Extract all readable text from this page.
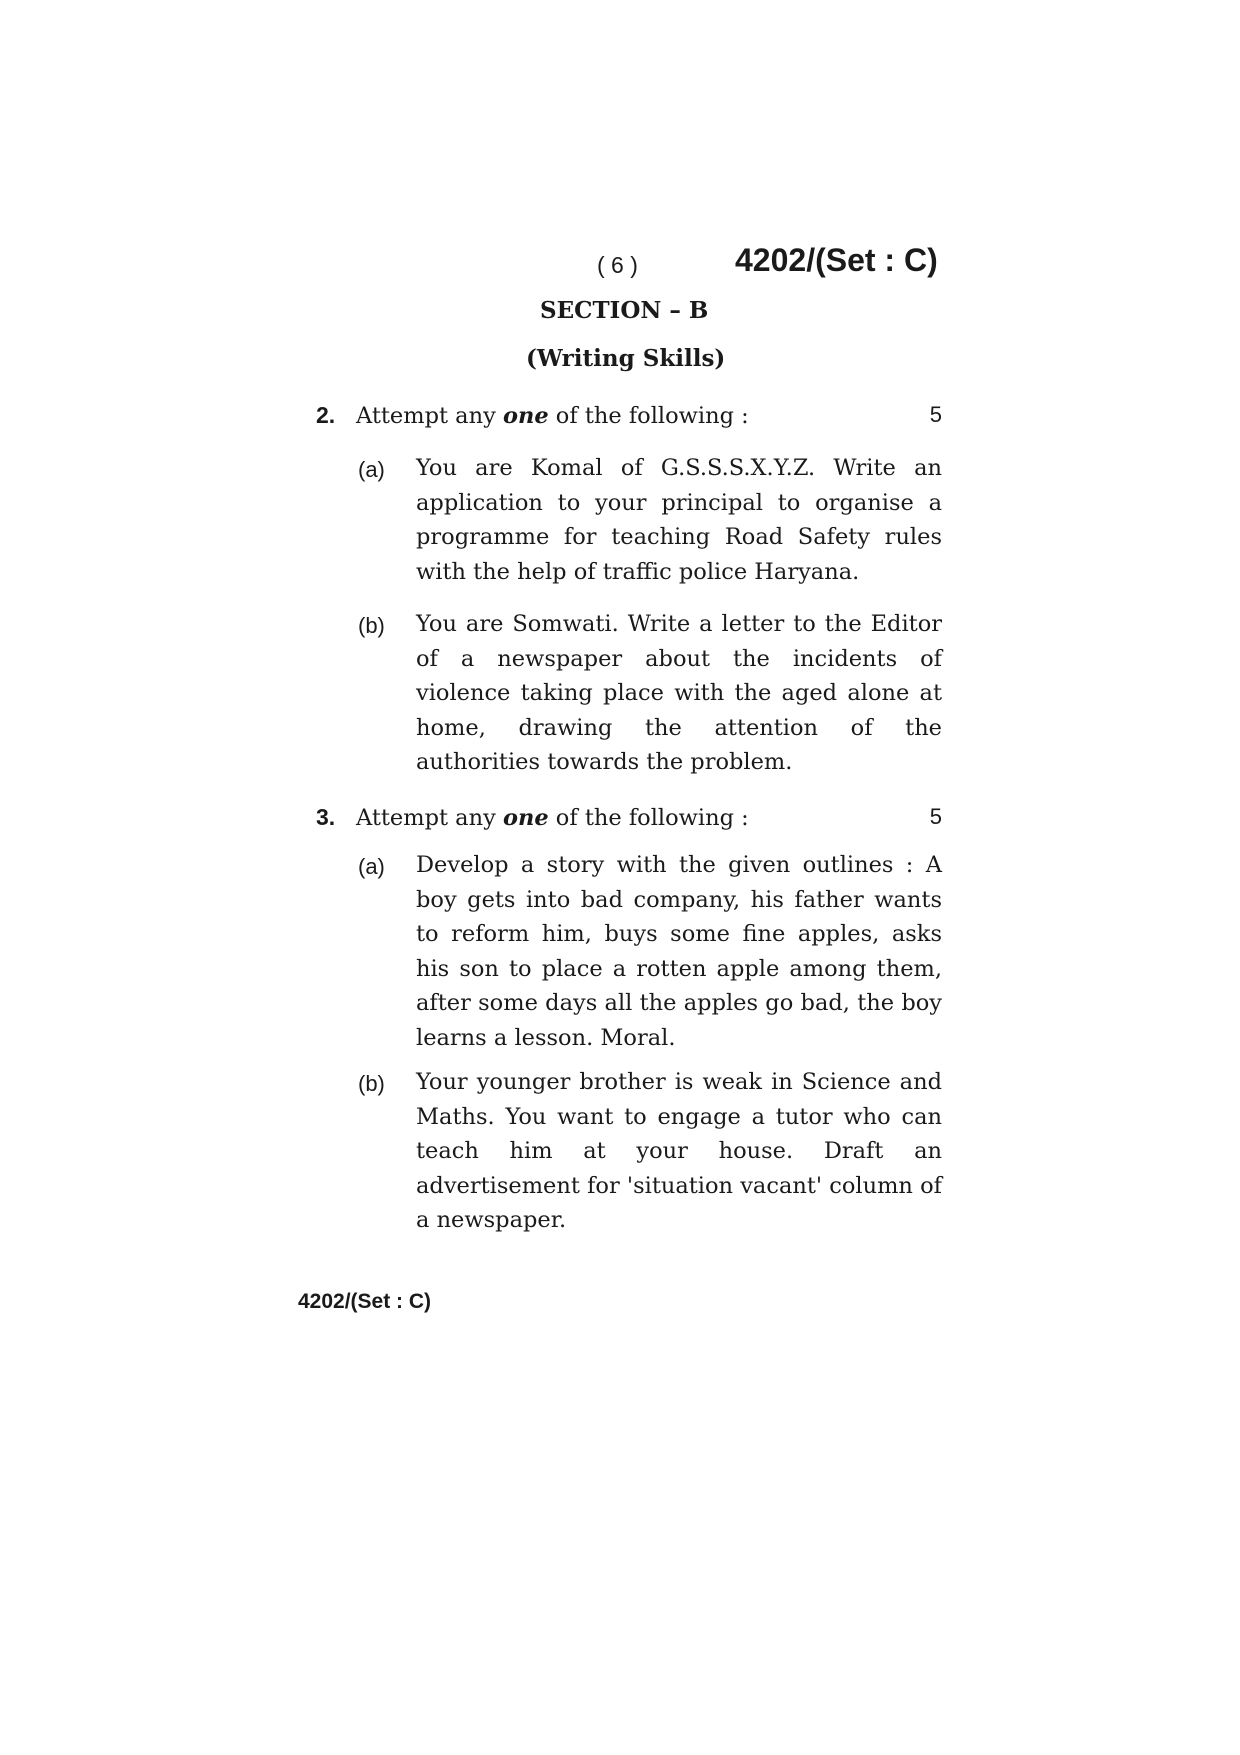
( 6 )	4202/(Set : C)
SECTION – B
(Writing Skills)
2. Attempt any one of the following :	5
(a) You are Komal of G.S.S.S.X.Y.Z. Write an application to your principal to organise a programme for teaching Road Safety rules with the help of traffic police Haryana.

(b) You are Somwati. Write a letter to the Editor of a newspaper about the incidents of violence taking place with the aged alone at home, drawing the attention of the authorities towards the problem.

3. Attempt any one of the following :	5
(a) Develop a story with the given outlines : A boy gets into bad company, his father wants to reform him, buys some fine apples, asks his son to place a rotten apple among them, after some days all the apples go bad, the boy learns a lesson. Moral.

(b) Your younger brother is weak in Science and Maths. You want to engage a tutor who can teach him at your house. Draft an advertisement for 'situation vacant' column of a newspaper.

4202/(Set : C)
